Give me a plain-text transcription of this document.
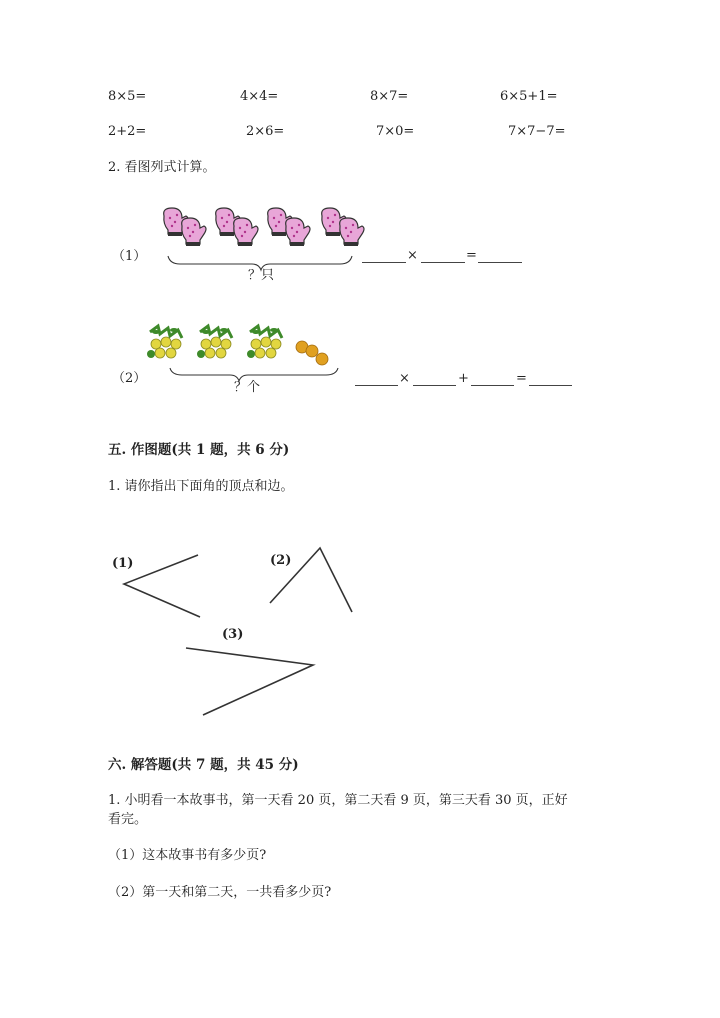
8×5=	4×4=	8×7=	6×5+1=
2+2=	2×6=	7×0=	7×7−7=
2. 看图列式计算。
（1）
？只
×	=
（2）
？个
×	+	=
五. 作图题(共 1 题，共 6 分)
1. 请你指出下面角的顶点和边。
(1)	(2)
(3)
六. 解答题(共 7 题，共 45 分)
1. 小明看一本故事书，第一天看 20 页，第二天看 9 页，第三天看 30 页，正好
看完。
（1）这本故事书有多少页?
（2）第一天和第二天，一共看多少页?
